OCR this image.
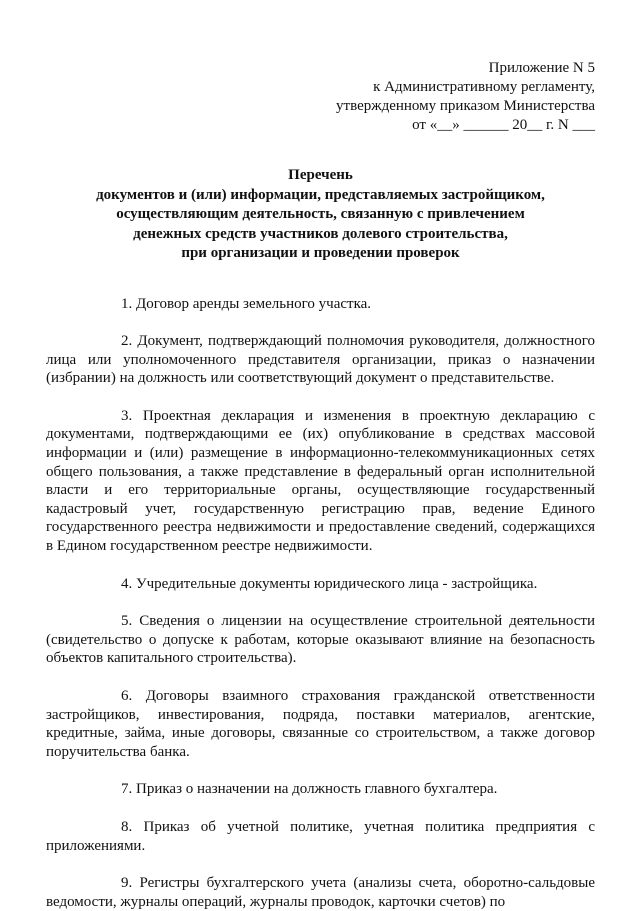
Приложение N 5
к Административному регламенту,
утвержденному приказом Министерства
от «__» ______ 20__ г. N ___
Перечень
документов и (или) информации, представляемых застройщиком,
осуществляющим деятельность, связанную с привлечением
денежных средств участников долевого строительства,
при организации и проведении проверок

1. Договор аренды земельного участка.

2. Документ, подтверждающий полномочия руководителя, должностного лица или уполномоченного представителя организации, приказ о назначении (избрании) на должность или соответствующий документ о представительстве.

3. Проектная декларация и изменения в проектную декларацию с документами, подтверждающими ее (их) опубликование в средствах массовой информации и (или) размещение в информационно-телекоммуникационных сетях общего пользования, а также представление в федеральный орган исполнительной власти и его территориальные органы, осуществляющие государственный кадастровый учет, государственную регистрацию прав, ведение Единого государственного реестра недвижимости и предоставление сведений, содержащихся в Едином государственном реестре недвижимости.

4. Учредительные документы юридического лица - застройщика.

5. Сведения о лицензии на осуществление строительной деятельности (свидетельство о допуске к работам, которые оказывают влияние на безопасность объектов капитального строительства).

6. Договоры взаимного страхования гражданской ответственности застройщиков, инвестирования, подряда, поставки материалов, агентские, кредитные, займа, иные договоры, связанные со строительством, а также договор поручительства банка.

7. Приказ о назначении на должность главного бухгалтера.

8. Приказ об учетной политике, учетная политика предприятия с приложениями.

9. Регистры бухгалтерского учета (анализы счета, оборотно-сальдовые ведомости, журналы операций, журналы проводок, карточки счетов) по
